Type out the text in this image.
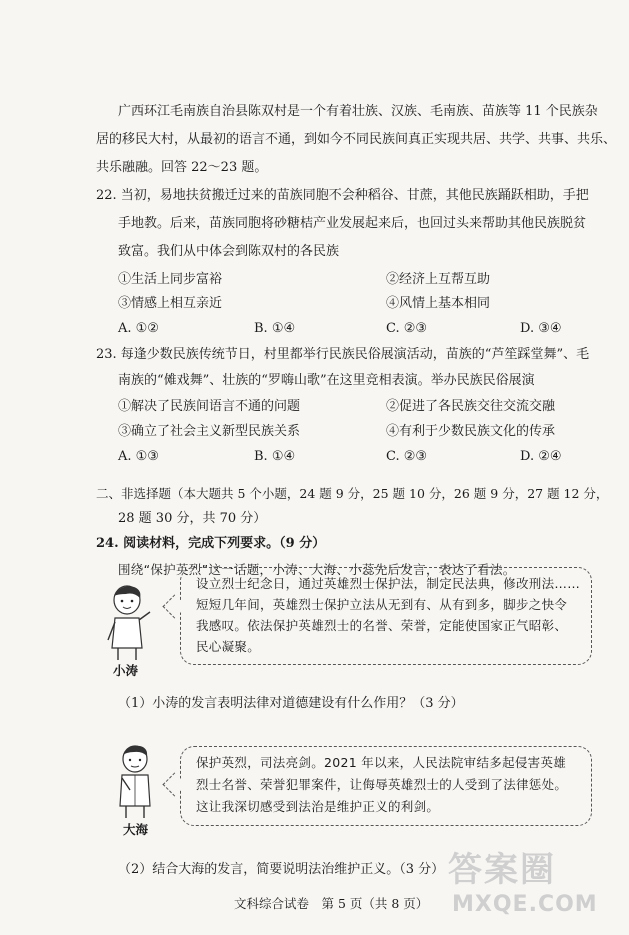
广西环江毛南族自治县陈双村是一个有着壮族、汉族、毛南族、苗族等 11 个民族杂
居的移民大村，从最初的语言不通，到如今不同民族间真正实现共居、共学、共事、共乐、
共乐融融。回答 22～23 题。
22. 当初，易地扶贫搬迁过来的苗族同胞不会种稻谷、甘蔗，其他民族踊跃相助，手把
手地教。后来，苗族同胞将砂糖桔产业发展起来后，也回过头来帮助其他民族脱贫
致富。我们从中体会到陈双村的各民族
①生活上同步富裕	②经济上互帮互助
③情感上相互亲近	④风情上基本相同
A. ①②	B. ①④	C. ②③	D. ③④
23. 每逢少数民族传统节日，村里都举行民族民俗展演活动，苗族的“芦笙踩堂舞”、毛
南族的“傩戏舞”、壮族的“罗嗨山歌”在这里竞相表演。举办民族民俗展演
①解决了民族间语言不通的问题	②促进了各民族交往交流交融
③确立了社会主义新型民族关系	④有利于少数民族文化的传承
A. ①③	B. ①④	C. ②③	D. ②④
二、非选择题（本大题共 5 个小题，24 题 9 分，25 题 10 分，26 题 9 分，27 题 12 分，
28 题 30 分，共 70 分）
24. 阅读材料，完成下列要求。（9 分）
围绕“保护英烈”这一话题，小涛、大海、小蕊先后发言，表达了看法。
小涛
设立烈士纪念日，通过英雄烈士保护法，制定民法典，修改刑法……
短短几年间，英雄烈士保护立法从无到有、从有到多，脚步之快令
我感叹。依法保护英雄烈士的名誉、荣誉，定能使国家正气昭彰、
民心凝聚。
（1）小涛的发言表明法律对道德建设有什么作用？（3 分）
大海
保护英烈，司法亮剑。2021 年以来，人民法院审结多起侵害英雄
烈士名誉、荣誉犯罪案件，让侮辱英雄烈士的人受到了法律惩处。
这让我深切感受到法治是维护正义的利剑。
（2）结合大海的发言，简要说明法治维护正义。（3 分）
文科综合试卷　第 5 页（共 8 页）
答案圈
MXQE.COM
